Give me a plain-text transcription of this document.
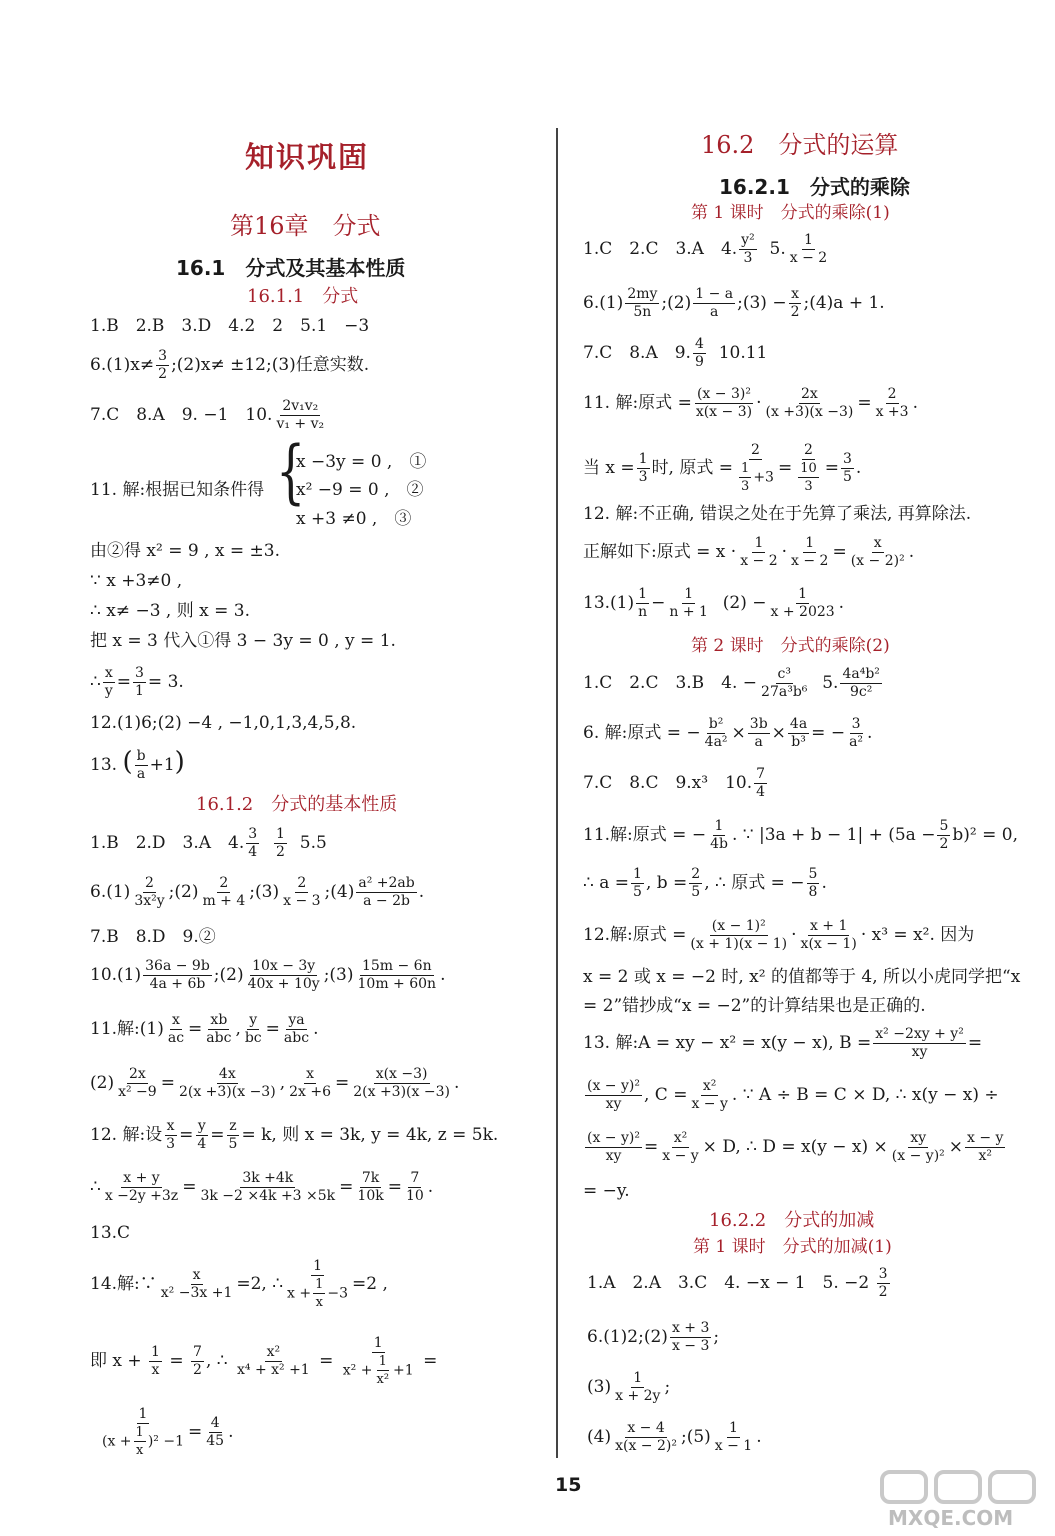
知识巩固
第16章　分式
16.1　分式及其基本性质
16.1.1　分式
1.B　2.B　3.D　4.2　2　5.1　−3
$6.(1)x\ne \frac{3}{2}$ ;(2)x≠ ±12;(3)任意实数.
7.C　8.A　9. −1　10. $\frac{\text{2v₁v₂}}{\text{v₁ + v₂}}$
11. 解:根据已知条件得 {
x −3y = 0 ,　①
x² −9 = 0 ,　②
x +3 ≠0 ,　③
由②得 x² = 9 , x = ±3.
∵ x +3≠0 ,
∴ x≠ −3 , 则 x = 3.
把 x = 3 代入①得 3 − 3y = 0 , y = 1.
∴ $\frac{x}{y} = \frac{3}{1} = 3$.
12.(1)6;(2) −4 , −1,0,1,3,4,5,8.
13. ( $\frac{b}{a} +1$)
16.1.2　分式的基本性质
1.B　2.D　3.A　4. $\frac{3}{4}$
$\frac{1}{2} 5.5$
$6.(1) \frac{2}{\text{3x²y}}$ ;(2) $\frac{2}{m + 4}$ ;(3) $\frac{2}{x - 3}$ ;(4) $\frac{\text{a² +2ab}}{a - 2b}$ .
7.B　8.D　9.②
$10.(1) \frac{36a - 9b}{4a + 6b}$ ;(2) $\frac{10x - 3y}{40x + 10y}$ ;(3) $\frac{15m - 6n}{10m + 60n}$ .
11.解:(1) $\frac{x}{ac} = \frac{xb}{\text{abc}}$ , $\frac{y}{bc} = \frac{ya}{\text{abc}}$ .
$(2) \frac{2x}{\text{x² −9}} = \frac{4x}{2(x +3)(x -3)}$ , $\frac{x}{2x +6} = \frac{x(x -3)}{2(x +3)(x -3)}$ .
12. 解:设 $\frac{x}{3} = \frac{y}{4} = \frac{z}{5} = k$, 则 x = 3k, y = 4k, z = 5k.
∴ $\frac{x + y}{x -2y +3z} = \frac{3k +4k}{3k -2 \times 4k +3 \times 5k} = \frac{7k}{10k} = \frac{7}{10}$ .
13.C
14.解:∵ $\frac{x}{\text{x² −3x +1}} =2$, ∴ $\frac{1}{x + \frac{1}{x} -3} =2$ ,
即 $x + \frac{1}{x} = \frac{7}{2}$ , ∴ $\frac{\text{x²}}{\text{x⁴ + x² +1}} = \frac{1}{x^2 + \frac{1}{\text{x²}} +1}$ =
$\frac{1}{(x + \frac{1}{x} )^2 -1} = \frac{4}{45}$ .
16.2　分式的运算
16.2.1　分式的乘除
第 1 课时　分式的乘除(1)
1.C　2.C　3.A　4. $\frac{\text{y²}}{3} 5$. $\frac{1}{x - 2}$
$6.(1) \frac{2my}{5n}$ ;(2) $\frac{1 - a}{a}$ ;(3) − $\frac{x}{2}$ ;(4)a + 1.
7.C　8.A　9. $\frac{4}{9} 10.11$
11. 解:原式 = $\frac{\text{(x − 3)²}}{x(x - 3)} \cdot \frac{2x}{(x +3)(x -3)} = \frac{2}{x +3}$ .
当 $x = \frac{1}{3}$ 时, 原式 = $\frac{2}{\frac{1}{3} +3} = \frac{2}{\frac{10}{3}} = \frac{3}{5}$ .
12. 解:不正确, 错误之处在于先算了乘法, 再算除法.
正解如下:原式 = $x \cdot \frac{1}{x - 2} \cdot \frac{1}{x - 2} = \frac{x}{\text{(x − 2)²}}$ .
$13.(1) \frac{1}{n} - \frac{1}{n + 1} (2) - \frac{1}{x + 2023}$ .
第 2 课时　分式的乘除(2)
1.C　2.C　3.B　4. − $\frac{\text{c³}}{\text{27a³b⁶}} 5$. $\frac{\text{4a⁴b²}}{\text{9c²}}$
6. 解:原式 = − $\frac{\text{b²}}{\text{4a²}} \times \frac{3b}{a} \times \frac{4a}{\text{b³}}$ = − $\frac{3}{\text{a²}}$ .
7.C　8.C　9.x³　10. $\frac{7}{4}$
11.解:原式 = − $\frac{1}{4b}$ . ∵ $|3a + b - 1| + (5a - \frac{5}{2} b)^2 = 0$,
∴ $a = \frac{1}{5}$ , $b = \frac{2}{5}$ , ∴ 原式 = − $\frac{5}{8}$ .
12.解:原式 = $\frac{\text{(x − 1)²}}{(x + 1)(x - 1)} \cdot \frac{x + 1}{x(x - 1)} \cdot x^3 = x^2$. 因为
x = 2 或 x = −2 时, x² 的值都等于 4, 所以小虎同学把“x
= 2”错抄成“x = −2”的计算结果也是正确的.
13. 解:A = xy − x² = x(y − x), $B = \frac{\text{x² −2xy + y²}}{xy}$ =
$\frac{\text{(x − y)²}}{xy}$ , $C = \frac{\text{x²}}{x - y}$ . ∵ A ÷ B = C × D, ∴ x(y − x) ÷
$\frac{\text{(x − y)²}}{xy} = \frac{\text{x²}}{x - y} \times D$, ∴ $D = x(y - x) \times \frac{xy}{\text{(x − y)²}} \times \frac{x - y}{\text{x²}}$
= −y.
16.2.2　分式的加减
第 1 课时　分式的加减(1)
1.A　2.A　3.C　4. −x − 1　5. $-2 \frac{3}{2}$
6.(1)2;(2) $\frac{x + 3}{x - 3}$ ;
$(3) \frac{1}{x + 2y}$ ;
$(4) \frac{x - 4}{\text{x(x − 2)²}}$ ;(5) $\frac{1}{x - 1}$ .
15
MXQE.COM
